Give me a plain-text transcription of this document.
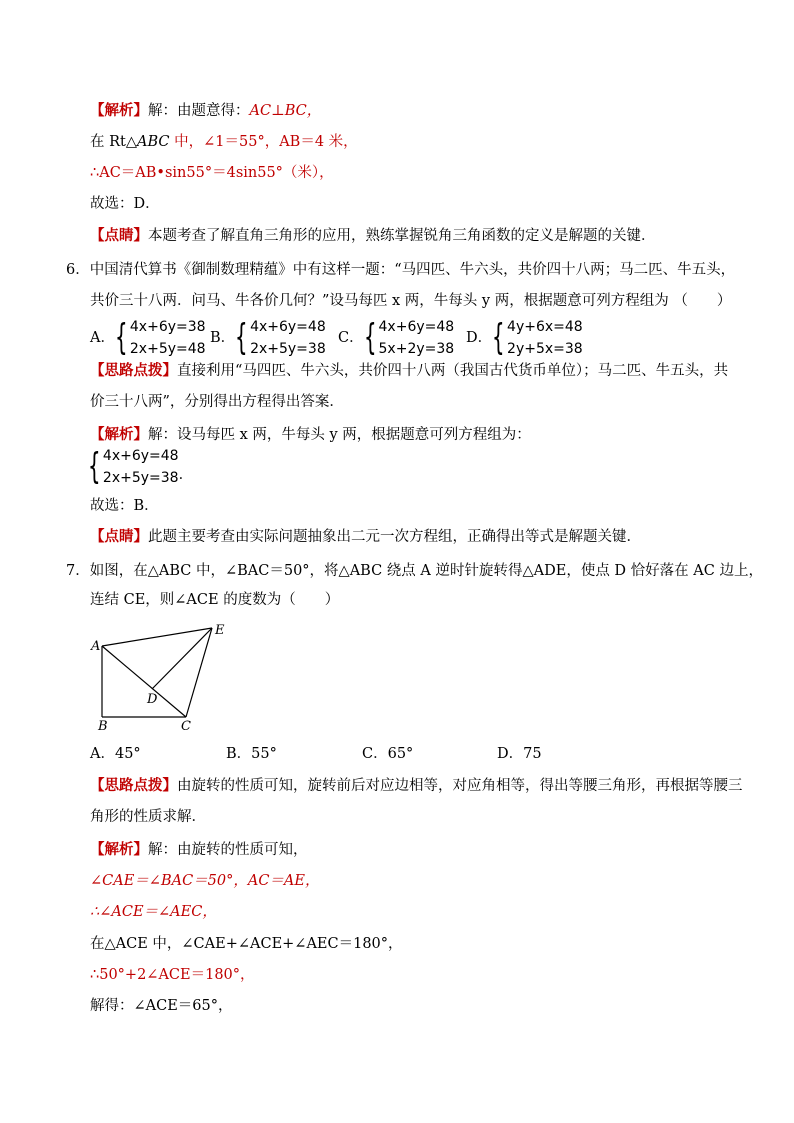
【解析】解：由题意得：AC⊥BC，
在 Rt△ABC 中，∠1＝55°，AB＝4 米，
∴AC＝AB•sin55°＝4sin55°（米），
故选：D．
【点睛】本题考查了解直角三角形的应用，熟练掌握锐角三角函数的定义是解题的关键．
6．中国清代算书《御制数理精蕴》中有这样一题：“马四匹、牛六头，共价四十八两；马二匹、牛五头，
共价三十八两．问马、牛各价几何？”设马每匹 x 两，牛每头 y 两，根据题意可列方程组为 （　　）
A． { 4x+6y=38
2x+5y=48
B． { 4x+6y=48
2x+5y=38
C． { 4x+6y=48
5x+2y=38
D． { 4y+6x=48
2y+5x=38
【思路点拨】直接利用“马四匹、牛六头，共价四十八两（我国古代货币单位）；马二匹、牛五头，共
价三十八两”，分别得出方程得出答案．
【解析】解：设马每匹 x 两，牛每头 y 两，根据题意可列方程组为：
{ 4x+6y=48
2x+5y=38 ．
故选：B．
【点睛】此题主要考查由实际问题抽象出二元一次方程组，正确得出等式是解题关键．
7．如图，在△ABC 中，∠BAC＝50°，将△ABC 绕点 A 逆时针旋转得△ADE，使点 D 恰好落在 AC 边上，
连结 CE，则∠ACE 的度数为（　　）
A
B	C
D
E
A．45°	B．55°	C．65°	D．75
【思路点拨】由旋转的性质可知，旋转前后对应边相等，对应角相等，得出等腰三角形，再根据等腰三
角形的性质求解．
【解析】解：由旋转的性质可知，
∠CAE＝∠BAC＝50°，AC＝AE，
∴∠ACE＝∠AEC，
在△ACE 中，∠CAE+∠ACE+∠AEC＝180°，
∴50°+2∠ACE＝180°，
解得：∠ACE＝65°，
